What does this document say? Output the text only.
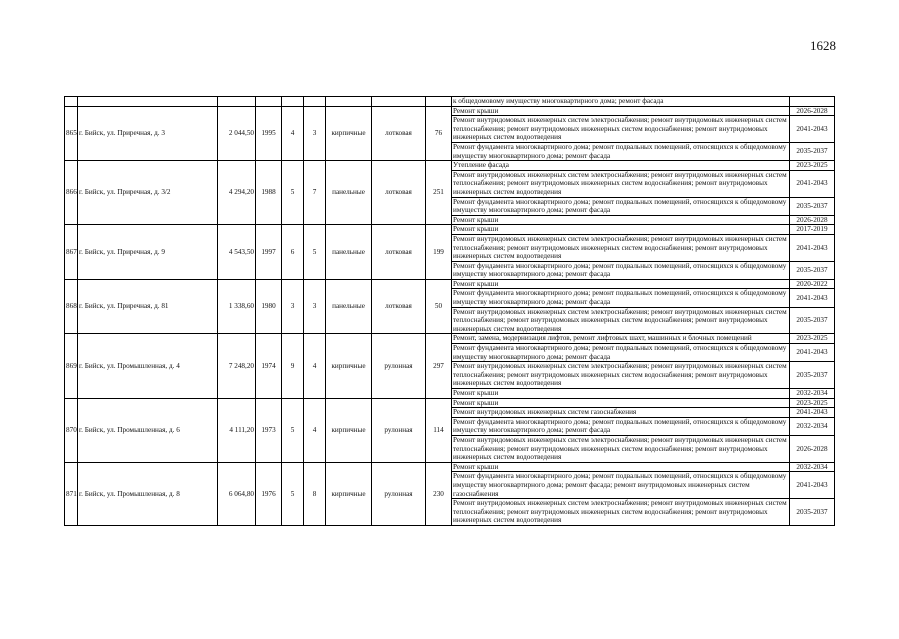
1628
									к общедомовому имуществу многоквартирного дома; ремонт фасада	
865	г. Бийск, ул. Приречная, д. 3	2 044,50	1995	4	3	кирпичные	лотковая	76	Ремонт крыши	2026-2028
									Ремонт внутридомовых инженерных систем электроснабжения; ремонт внутридомовых инженерных систем теплоснабжения; ремонт внутридомовых инженерных систем водоснабжения; ремонт внутридомовых инженерных систем водоотведения	2041-2043
									Ремонт фундамента многоквартирного дома; ремонт подвальных помещений, относящихся к общедомовому имуществу многоквартирного дома; ремонт фасада	2035-2037
866	г. Бийск, ул. Приречная, д. 3/2	4 294,20	1988	5	7	панельные	лотковая	251	Утепление фасада	2023-2025
									Ремонт внутридомовых инженерных систем электроснабжения; ремонт внутридомовых инженерных систем теплоснабжения; ремонт внутридомовых инженерных систем водоснабжения; ремонт внутридомовых инженерных систем водоотведения	2041-2043
									Ремонт фундамента многоквартирного дома; ремонт подвальных помещений, относящихся к общедомовому имуществу многоквартирного дома; ремонт фасада	2035-2037
									Ремонт крыши	2026-2028
867	г. Бийск, ул. Приречная, д. 9	4 543,50	1997	6	5	панельные	лотковая	199	Ремонт крыши	2017-2019
									Ремонт внутридомовых инженерных систем электроснабжения; ремонт внутридомовых инженерных систем теплоснабжения; ремонт внутридомовых инженерных систем водоснабжения; ремонт внутридомовых инженерных систем водоотведения	2041-2043
									Ремонт фундамента многоквартирного дома; ремонт подвальных помещений, относящихся к общедомовому имуществу многоквартирного дома; ремонт фасада	2035-2037
868	г. Бийск, ул. Приречная, д. 81	1 338,60	1980	3	3	панельные	лотковая	50	Ремонт крыши	2020-2022
									Ремонт фундамента многоквартирного дома; ремонт подвальных помещений, относящихся к общедомовому имуществу многоквартирного дома; ремонт фасада	2041-2043
									Ремонт внутридомовых инженерных систем электроснабжения; ремонт внутридомовых инженерных систем теплоснабжения; ремонт внутридомовых инженерных систем водоснабжения; ремонт внутридомовых инженерных систем водоотведения	2035-2037
869	г. Бийск, ул. Промышленная, д. 4	7 248,20	1974	9	4	кирпичные	рулонная	297	Ремонт, замена, модернизация лифтов, ремонт лифтовых шахт, машинных и блочных помещений	2023-2025
									Ремонт фундамента многоквартирного дома; ремонт подвальных помещений, относящихся к общедомовому имуществу многоквартирного дома; ремонт фасада	2041-2043
									Ремонт внутридомовых инженерных систем электроснабжения; ремонт внутридомовых инженерных систем теплоснабжения; ремонт внутридомовых инженерных систем водоснабжения; ремонт внутридомовых инженерных систем водоотведения	2035-2037
									Ремонт крыши	2032-2034
870	г. Бийск, ул. Промышленная, д. 6	4 111,20	1973	5	4	кирпичные	рулонная	114	Ремонт крыши	2023-2025
									Ремонт внутридомовых инженерных систем газоснабжения	2041-2043
									Ремонт фундамента многоквартирного дома; ремонт подвальных помещений, относящихся к общедомовому имуществу многоквартирного дома; ремонт фасада	2032-2034
									Ремонт внутридомовых инженерных систем электроснабжения; ремонт внутридомовых инженерных систем теплоснабжения; ремонт внутридомовых инженерных систем водоснабжения; ремонт внутридомовых инженерных систем водоотведения	2026-2028
871	г. Бийск, ул. Промышленная, д. 8	6 064,80	1976	5	8	кирпичные	рулонная	230	Ремонт крыши	2032-2034
									Ремонт фундамента многоквартирного дома; ремонт подвальных помещений, относящихся к общедомовому имуществу многоквартирного дома; ремонт фасада; ремонт внутридомовых инженерных систем газоснабжения	2041-2043
									Ремонт внутридомовых инженерных систем электроснабжения; ремонт внутридомовых инженерных систем теплоснабжения; ремонт внутридомовых инженерных систем водоснабжения; ремонт внутридомовых инженерных систем водоотведения	2035-2037
